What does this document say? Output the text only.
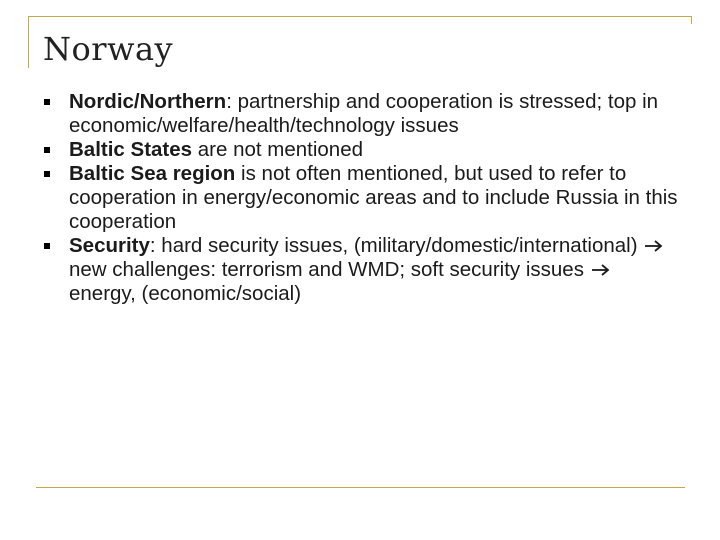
Norway
Nordic/Northern: partnership and cooperation is stressed; top in economic/welfare/health/technology issues
Baltic States are not mentioned
Baltic Sea region is not often mentioned, but used to refer to cooperation in energy/economic areas and to include Russia in this cooperation
Security: hard security issues, (military/domestic/international)  new challenges: terrorism and WMD; soft security issues  energy, (economic/social)
